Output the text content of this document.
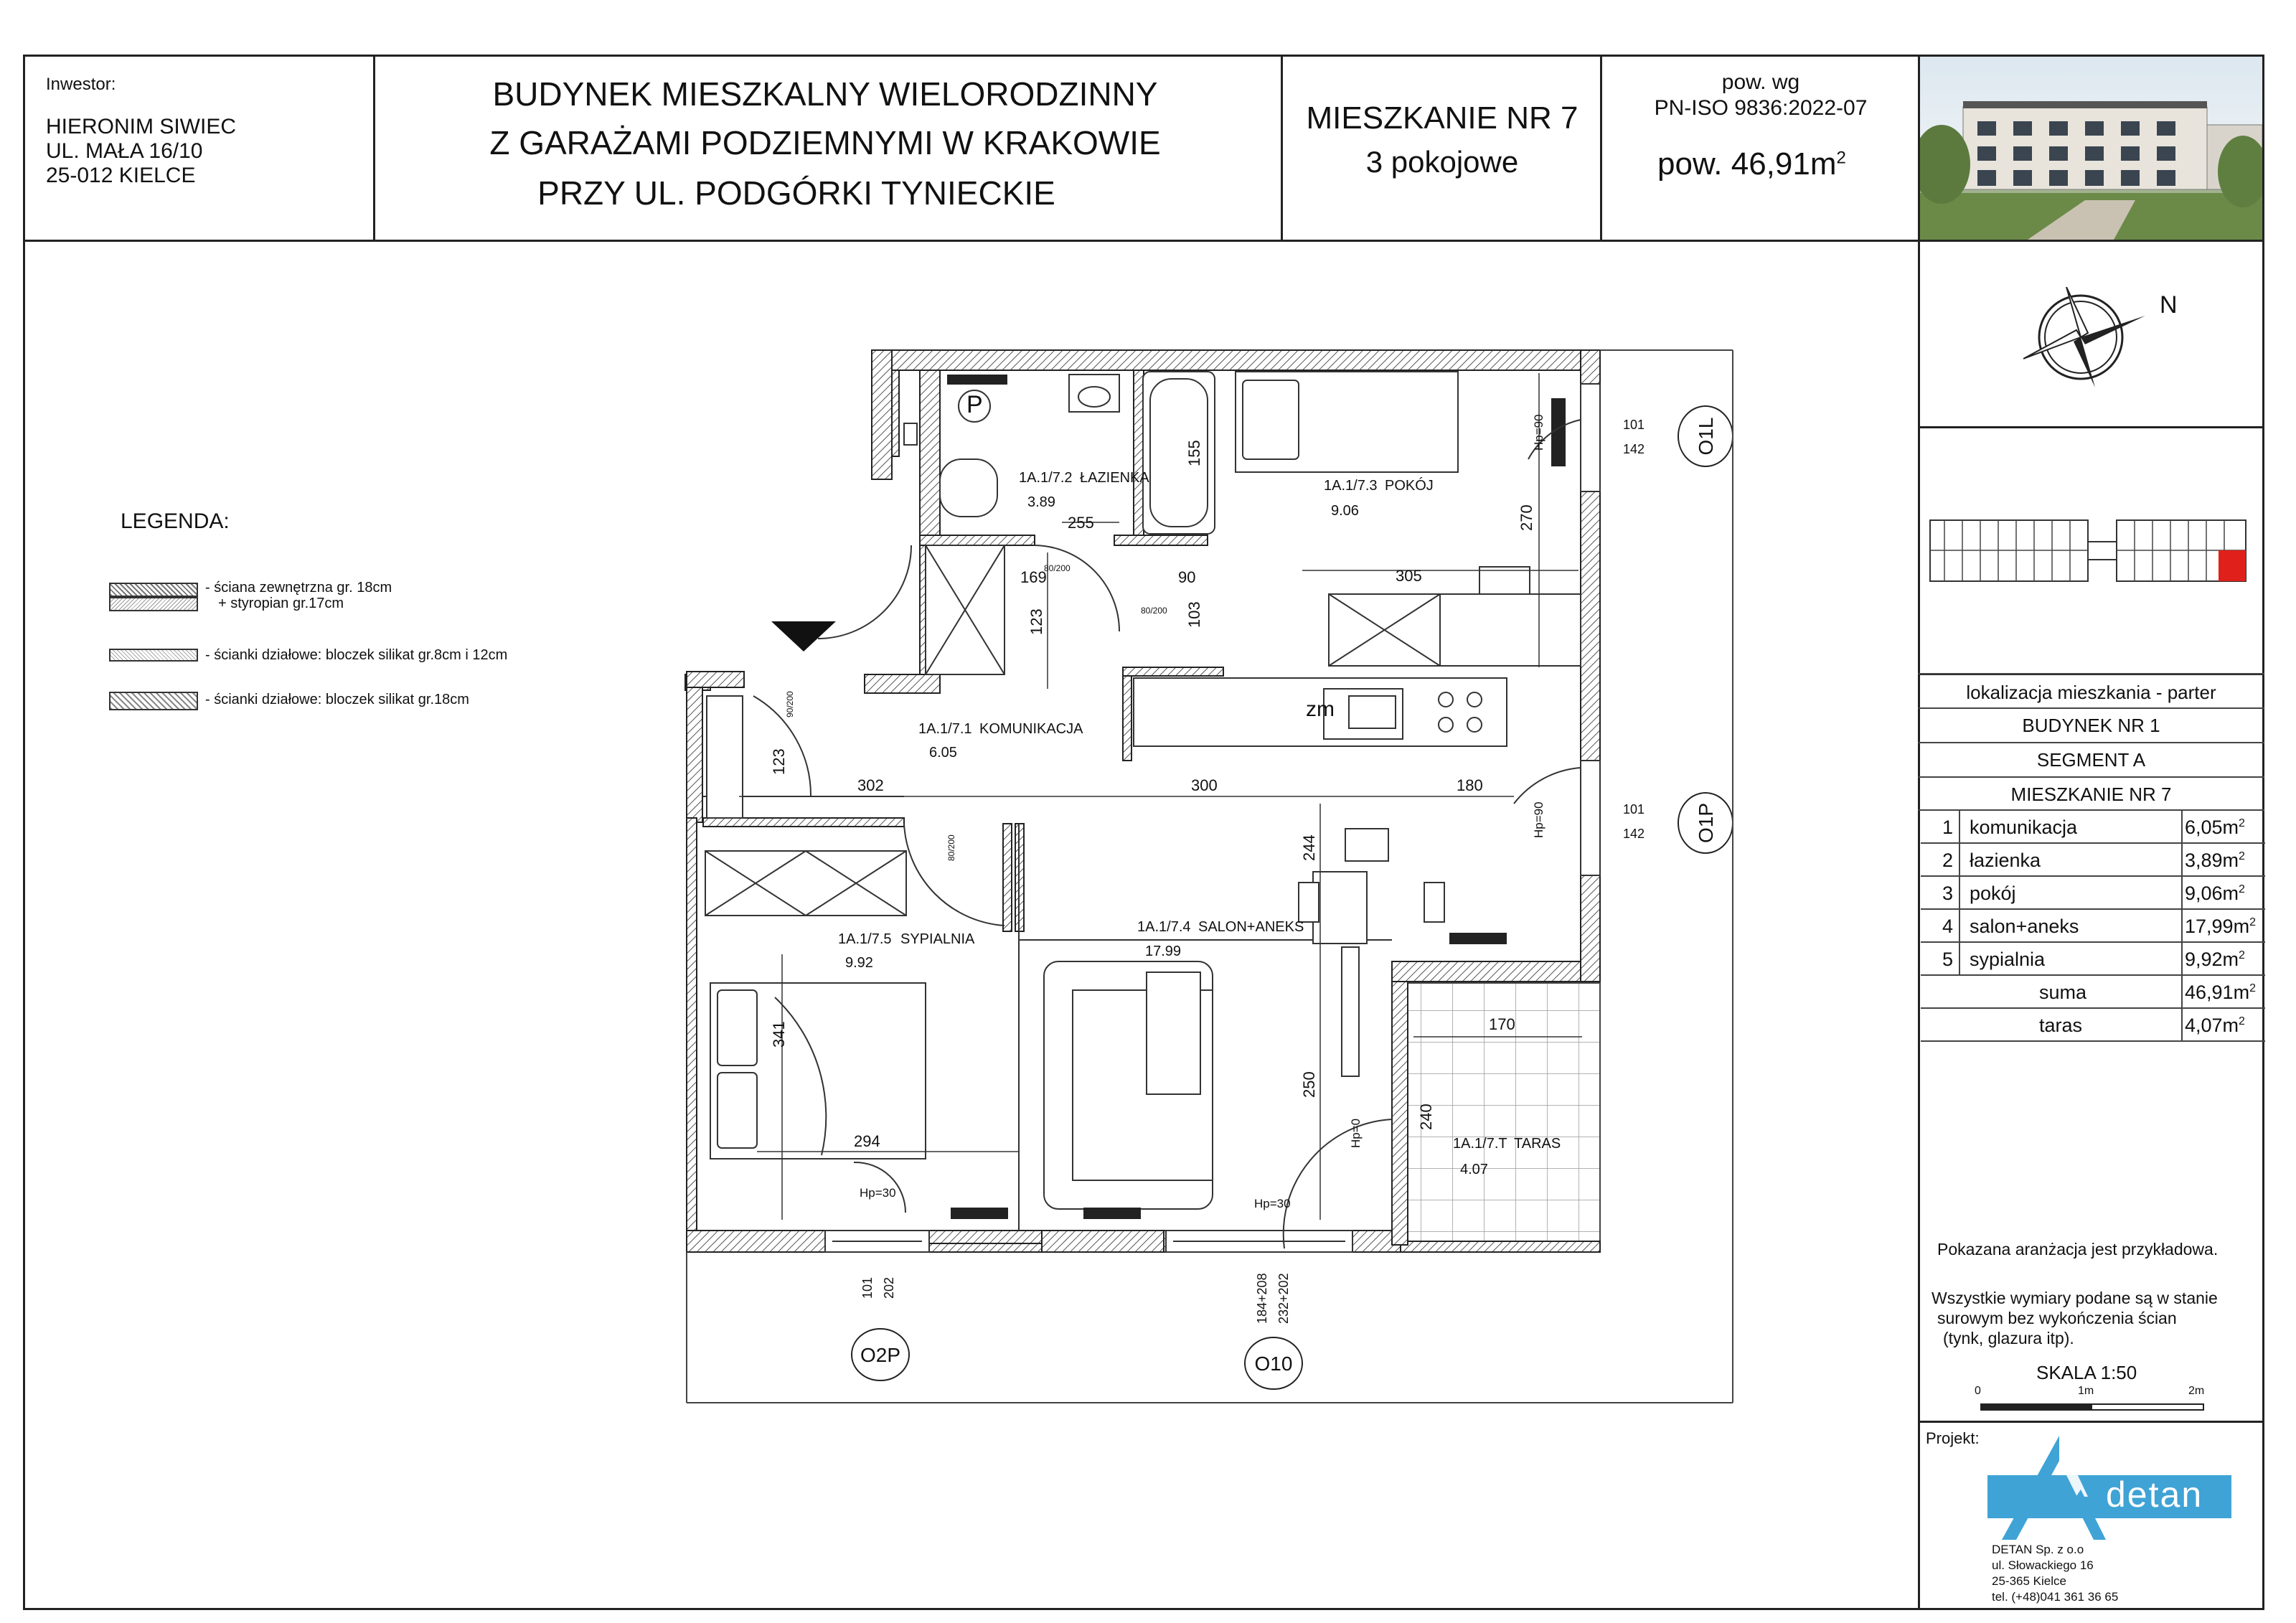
Inwestor:
HIERONIM SIWIEC
UL. MAŁA 16/10
25-012 KIELCE
BUDYNEK MIESZKALNY WIELORODZINNY
Z GARAŻAMI PODZIEMNYMI W KRAKOWIE
PRZY UL. PODGÓRKI TYNIECKIE
MIESZKANIE NR 7
3 pokojowe
pow. wg
PN-ISO 9836:2022-07
pow. $46,91m^2$
LEGENDA:
- ściana zewnętrzna gr. 18cm
+ styropian gr.17cm
- ścianki działowe: bloczek silikat gr.8cm i 12cm
- ścianki działowe: bloczek silikat gr.18cm
P
zm
1A.1/7.1 KOMUNIKACJA
6.05
1A.1/7.2 ŁAZIENKA
3.89
1A.1/7.3 POKÓJ
9.06
1A.1/7.4 SALON+ANEKS
17.99
1A.1/7.5 SYPIALNIA
9.92
1A.1/7.T TARAS
4.07
255
155
270
169	90	305
123	103
123
302	300	180
244
341
294
250
240
170
80/200
80/200
90/200
80/200
Hp=90
Hp=90
Hp=30
Hp=30
Hp=0
101
142
101
142
101 202	184+208 232+202
O1L
O1P
O2P	O10
N
lokalizacja mieszkania - parter
BUDYNEK NR 1
SEGMENT A
MIESZKANIE NR 7
1 komunikacja	$6,05m^2$
2 łazienka	$3,89m^2$
3 pokój	$9,06m^2$
4 salon+aneks	$17,99m^2$
5 sypialnia	$9,92m^2$
suma	$46,91m^2$
taras	$4,07m^2$
Pokazana aranżacja jest przykładowa.
Wszystkie wymiary podane są w stanie
surowym bez wykończenia ścian
(tynk, glazura itp).
SKALA 1:50
0	1m	2m
Projekt:
detan
DETAN Sp. z o.o
ul. Słowackiego 16
25-365 Kielce
tel. (+48)041 361 36 65
